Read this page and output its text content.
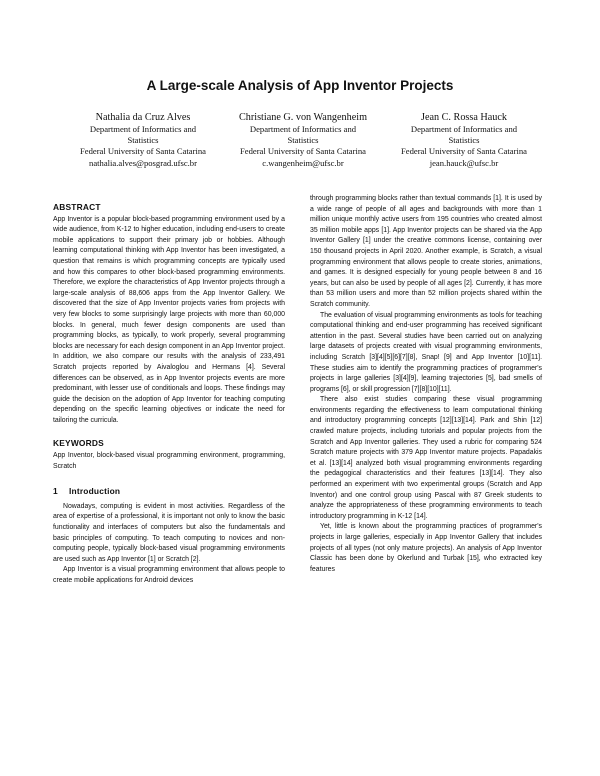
A Large-scale Analysis of App Inventor Projects
Nathalia da Cruz Alves
Department of Informatics and
Statistics
Federal University of Santa Catarina
nathalia.alves@posgrad.ufsc.br
Christiane G. von Wangenheim
Department of Informatics and
Statistics
Federal University of Santa Catarina
c.wangenheim@ufsc.br
Jean C. Rossa Hauck
Department of Informatics and
Statistics
Federal University of Santa Catarina
jean.hauck@ufsc.br
ABSTRACT

App Inventor is a popular block-based programming environment used by a wide audience, from K-12 to higher education, including end-users to create mobile applications to support their primary job or hobbies. Although learning computational thinking with App Inventor has been investigated, a question that remains is which programming concepts are typically used and how this compares to other block-based programming environments. Therefore, we explore the characteristics of App Inventor projects through a large-scale analysis of 88,606 apps from the App Inventor Gallery. We discovered that the size of App Inventor projects varies from projects with very few blocks to some surprisingly large projects with more than 60,000 blocks. In general, much fewer design components are used than programming blocks, as typically, to work properly, several programming blocks are necessary for each design component in an App Inventor project. In addition, we also compare our results with the analysis of 233,491 Scratch projects reported by Aivaloglou and Hermans [4]. Several differences can be observed, as in App Inventor projects events are more predominant, with lesser use of conditionals and loops. These findings may guide the decision on the adoption of App Inventor for teaching computing depending on the specific learning objectives or indicate the need for tailoring the curricula.

KEYWORDS

App Inventor, block-based visual programming environment, programming, Scratch

1 Introduction

Nowadays, computing is evident in most activities. Regardless of the area of expertise of a professional, it is important not only to know the basic functionality and interfaces of computers but also the fundamentals and basic principles of computing. To teach computing to novices and non-computing people, typically block-based visual programming environments are used such as App Inventor [1] or Scratch [2].

App Inventor is a visual programming environment that allows people to create mobile applications for Android devices

through programming blocks rather than textual commands [1]. It is used by a wide range of people of all ages and backgrounds with more than 1 million unique monthly active users from 195 countries who created almost 35 million mobile apps [1]. App Inventor projects can be shared via the App Inventor Gallery [1] under the creative commons license, containing over 150 thousand projects in April 2020. Another example, is Scratch, a visual programming environment that allows people to create stories, animations, and games. It is designed especially for young people between 8 and 16 years, but can also be used by people of all ages [2]. Currently, it has more than 53 million users and more than 52 million projects shared within the Scratch community.

The evaluation of visual programming environments as tools for teaching computational thinking and end-user programming has received significant attention in the past. Several studies have been carried out on analyzing large datasets of projects created with visual programming environments, including Scratch [3][4][5][6][7][8], Snap! [9] and App Inventor [10][11]. These studies aim to identify the programming practices of programmer's projects in large galleries [3][4][9], learning trajectories [5], bad smells of programs [6], or skill progression [7][8][10][11].

There also exist studies comparing these visual programming environments regarding the effectiveness to learn computational thinking and introductory programming concepts [12][13][14]. Park and Shin [12] crawled mature projects, including tutorials and popular projects from the Scratch and App Inventor galleries. They used a rubric for comparing 524 Scratch mature projects with 379 App Inventor mature projects. Papadakis et al. [13][14] analyzed both visual programming environments regarding the pedagogical characteristics and their features [13][14]. They also performed an experiment with two experimental groups (Scratch and App Inventor) and one control group using Pascal with 87 Greek students to analyze the appropriateness of these programming environments to teach introductory programming in K-12 [14].

Yet, little is known about the programming practices of programmer's projects in large galleries, especially in App Inventor Gallery that includes projects of all types (not only mature projects). An analysis of App Inventor Classic has been done by Okerlund and Turbak [15], who extracted key features
